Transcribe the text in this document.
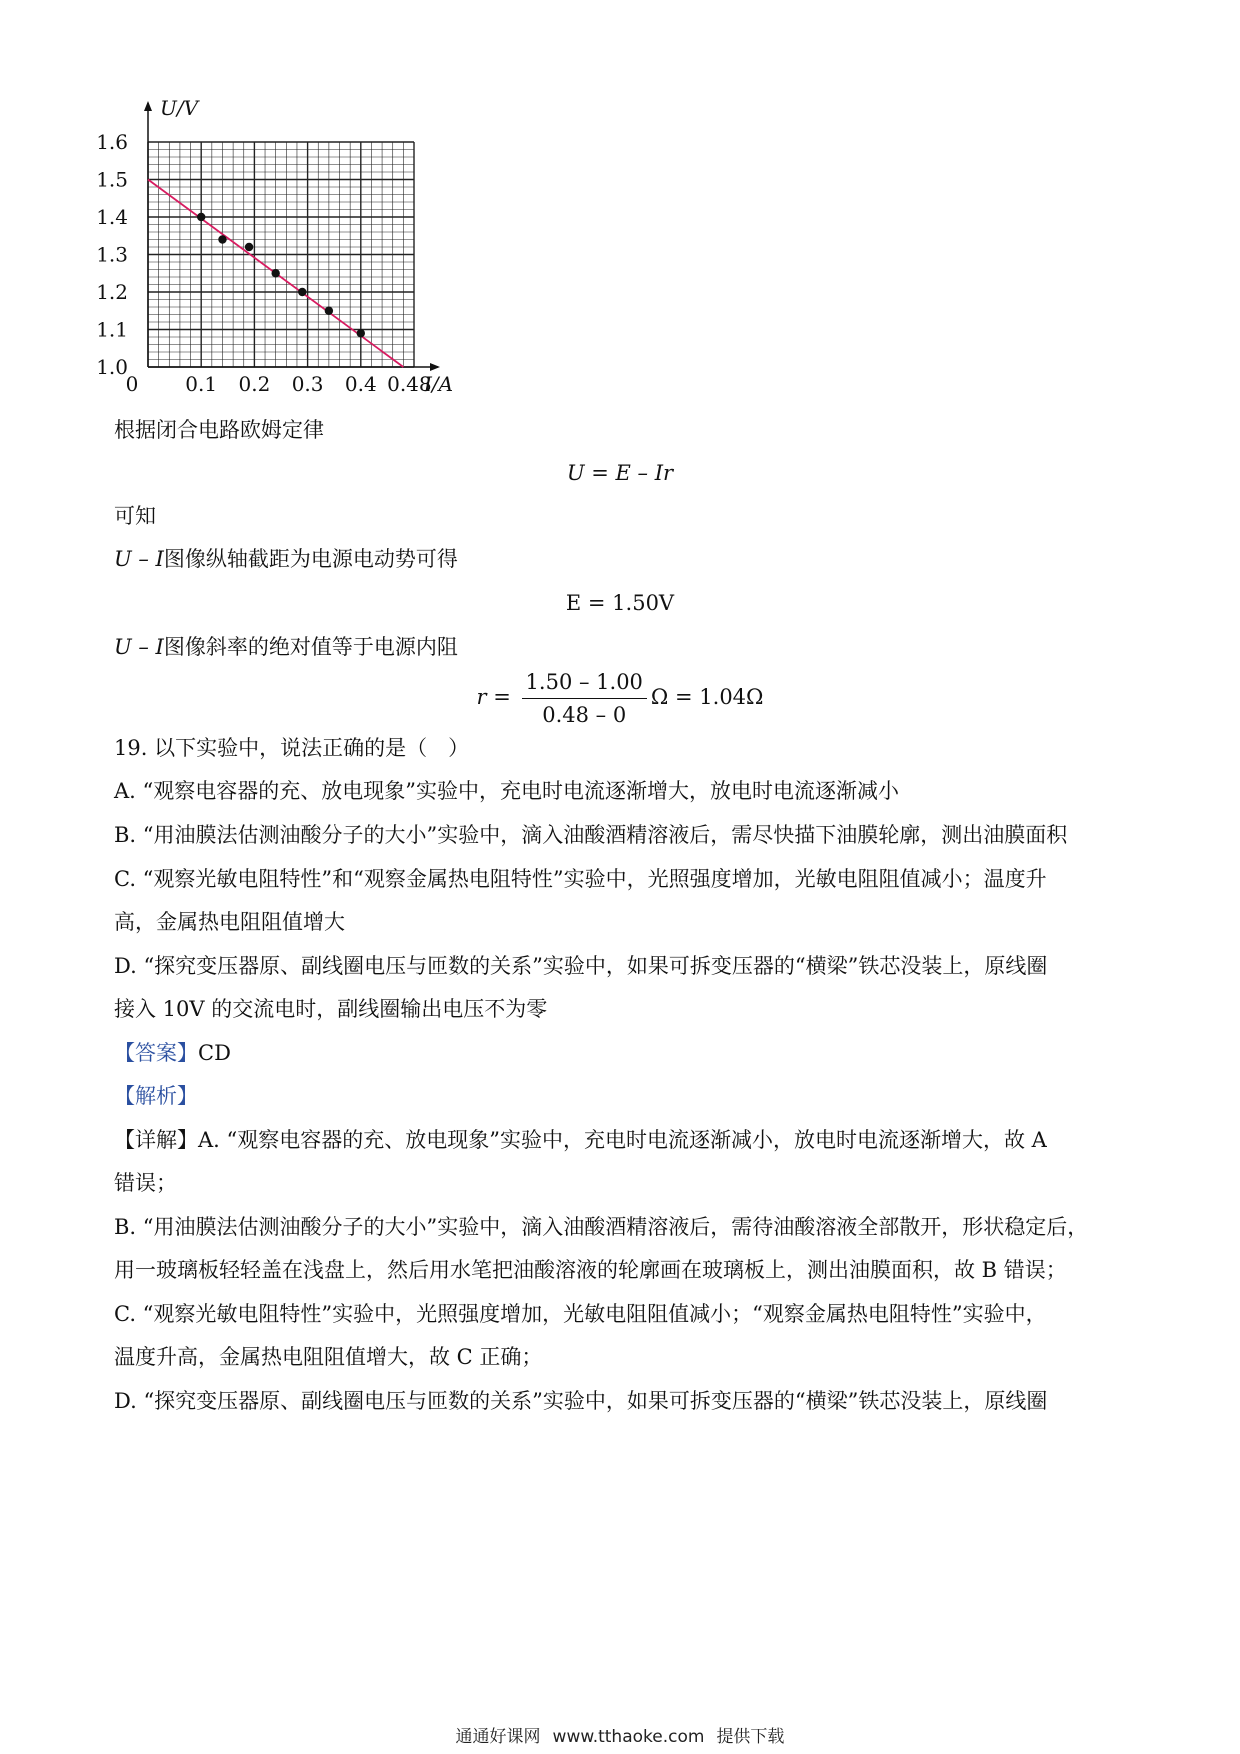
1.0
1.1
1.2
1.3
1.4
1.5
1.6
0 0.1 0.2 0.3 0.4 0.48
U/V
I/A
根据闭合电路欧姆定律
U = E – Ir
可知
U – I图像纵轴截距为电源电动势可得
E = 1.50V
U – I图像斜率的绝对值等于电源内阻
$r = \frac{1.50 - 1.00}{0.48 - 0}$ Ω = 1.04Ω
19. 以下实验中，说法正确的是（　）
A. “观察电容器的充、放电现象”实验中，充电时电流逐渐增大，放电时电流逐渐减小
B. “用油膜法估测油酸分子的大小”实验中，滴入油酸酒精溶液后，需尽快描下油膜轮廓，测出油膜面积
C. “观察光敏电阻特性”和“观察金属热电阻特性”实验中，光照强度增加，光敏电阻阻值减小；温度升
高，金属热电阻阻值增大
D. “探究变压器原、副线圈电压与匝数的关系”实验中，如果可拆变压器的“横梁”铁芯没装上，原线圈
接入 10V 的交流电时，副线圈输出电压不为零
【答案】CD
【解析】
【详解】A. “观察电容器的充、放电现象”实验中，充电时电流逐渐减小，放电时电流逐渐增大，故 A
错误；
B. “用油膜法估测油酸分子的大小”实验中，滴入油酸酒精溶液后，需待油酸溶液全部散开，形状稳定后，
用一玻璃板轻轻盖在浅盘上，然后用水笔把油酸溶液的轮廓画在玻璃板上，测出油膜面积，故 B 错误；
C. “观察光敏电阻特性”实验中，光照强度增加，光敏电阻阻值减小；“观察金属热电阻特性”实验中，
温度升高，金属热电阻阻值增大，故 C 正确；
D. “探究变压器原、副线圈电压与匝数的关系”实验中，如果可拆变压器的“横梁”铁芯没装上，原线圈
通通好课网 www.tthaoke.com 提供下载
